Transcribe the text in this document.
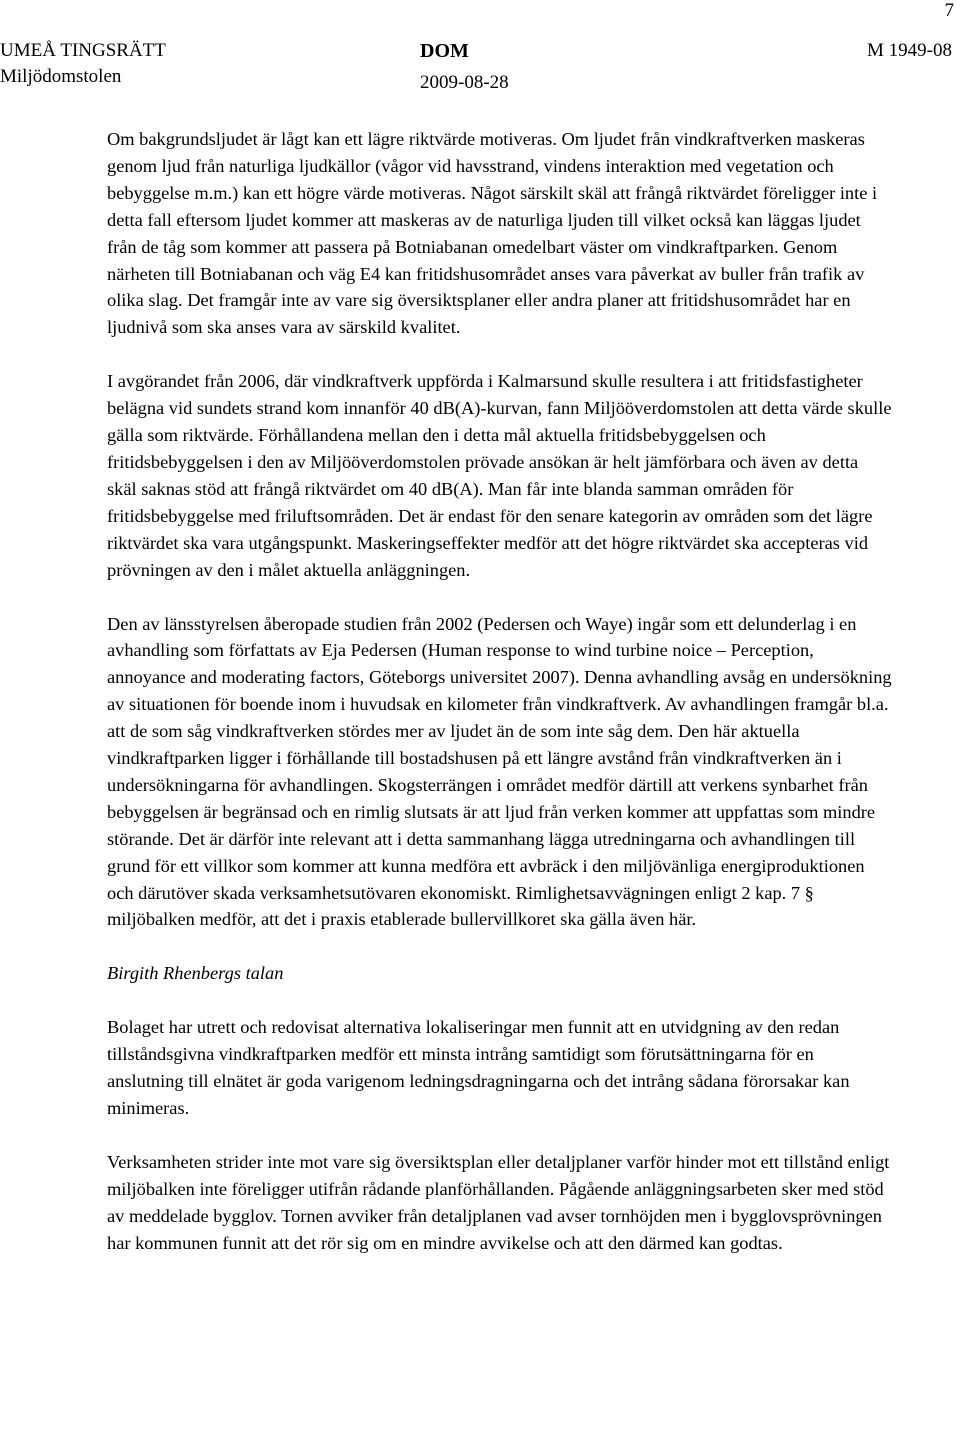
7
UMEÅ TINGSRÄTT
Miljödomstolen
DOM
2009-08-28
M 1949-08

Om bakgrundsljudet är lågt kan ett lägre riktvärde motiveras. Om ljudet från vindkraftverken maskeras genom ljud från naturliga ljudkällor (vågor vid havsstrand, vindens interaktion med vegetation och bebyggelse m.m.) kan ett högre värde motiveras. Något särskilt skäl att frångå riktvärdet föreligger inte i detta fall eftersom ljudet kommer att maskeras av de naturliga ljuden till vilket också kan läggas ljudet från de tåg som kommer att passera på Botniabanan omedelbart väster om vindkraftparken. Genom närheten till Botniabanan och väg E4 kan fritidshusområdet anses vara påverkat av buller från trafik av olika slag. Det framgår inte av vare sig översiktsplaner eller andra planer att fritidshusområdet har en ljudnivå som ska anses vara av särskild kvalitet.

I avgörandet från 2006, där vindkraftverk uppförda i Kalmarsund skulle resultera i att fritidsfastigheter belägna vid sundets strand kom innanför 40 dB(A)-kurvan, fann Miljööverdomstolen att detta värde skulle gälla som riktvärde. Förhållandena mellan den i detta mål aktuella fritidsbebyggelsen och fritidsbebyggelsen i den av Miljööverdomstolen prövade ansökan är helt jämförbara och även av detta skäl saknas stöd att frångå riktvärdet om 40 dB(A). Man får inte blanda samman områden för fritidsbebyggelse med friluftsområden. Det är endast för den senare kategorin av områden som det lägre riktvärdet ska vara utgångspunkt. Maskeringseffekter medför att det högre riktvärdet ska accepteras vid prövningen av den i målet aktuella anläggningen.

Den av länsstyrelsen åberopade studien från 2002 (Pedersen och Waye) ingår som ett delunderlag i en avhandling som författats av Eja Pedersen (Human response to wind turbine noice – Perception, annoyance and moderating factors, Göteborgs universitet 2007). Denna avhandling avsåg en undersökning av situationen för boende inom i huvudsak en kilometer från vindkraftverk. Av avhandlingen framgår bl.a. att de som såg vindkraftverken stördes mer av ljudet än de som inte såg dem. Den här aktuella vindkraftparken ligger i förhållande till bostadshusen på ett längre avstånd från vindkraftverken än i undersökningarna för avhandlingen. Skogsterrängen i området medför därtill att verkens synbarhet från bebyggelsen är begränsad och en rimlig slutsats är att ljud från verken kommer att uppfattas som mindre störande. Det är därför inte relevant att i detta sammanhang lägga utredningarna och avhandlingen till grund för ett villkor som kommer att kunna medföra ett avbräck i den miljövänliga energiproduktionen och därutöver skada verksamhetsutövaren ekonomiskt. Rimlighetsavvägningen enligt 2 kap. 7 § miljöbalken medför, att det i praxis etablerade bullervillkoret ska gälla även här.

Birgith Rhenbergs talan

Bolaget har utrett och redovisat alternativa lokaliseringar men funnit att en utvidgning av den redan tillståndsgivna vindkraftparken medför ett minsta intrång samtidigt som förutsättningarna för en anslutning till elnätet är goda varigenom ledningsdragningarna och det intrång sådana förorsakar kan minimeras.

Verksamheten strider inte mot vare sig översiktsplan eller detaljplaner varför hinder mot ett tillstånd enligt miljöbalken inte föreligger utifrån rådande planförhållanden. Pågående anläggningsarbeten sker med stöd av meddelade bygglov. Tornen avviker från detaljplanen vad avser tornhöjden men i bygglovsprövningen har kommunen funnit att det rör sig om en mindre avvikelse och att den därmed kan godtas.
